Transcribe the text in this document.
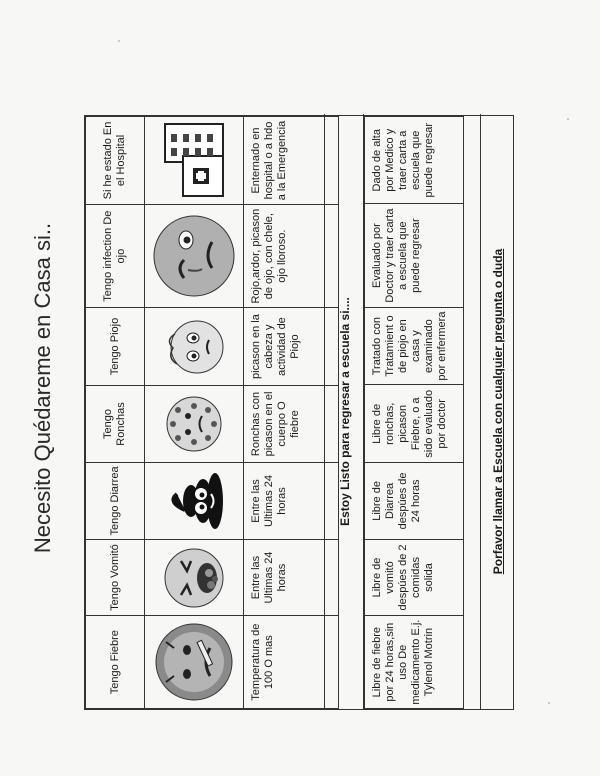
Necesito Quédareme en Casa si..
Tengo Fiebre	Tengo Vomitó	Tengo Diarrea	Tengo Ronchas	Tengo Piojo	Tengo infection De ojo	Si he estado En el Hospital

Temperatura de 100 O mas	Entre las Ultimas 24 horas	Entre las Ultimas 24 horas	Ronchas con picason en el cuerpo O fiebre	picason en la cabeza y actividad de Piojo	Rojo,ardor, picason de ojo, con chele, ojo lloroso.	Enternado en hospital o a hdo a la Emergencia
Estoy Listo para regresar a escuela si....
Libre de fiebre por 24 horas,sin uso De medicamento E.j. Tylenol Motrin	Libre de vomitó despúes de 2 comidas solida	Libre de Diarrea despúes de 24 horas	Libre de ronchas, picason Fiebre, o a sido evaluado por doctor	Tratado con Tratamient o de piojo en casa y examinado por enfermera	Evaluado por Doctor y traer carta a escuela que puede regresar	Dado de alta por Medico y traer carta a escuela que puede regresar
Porfavor llamar a Escuela con cualquier pregunta o duda
